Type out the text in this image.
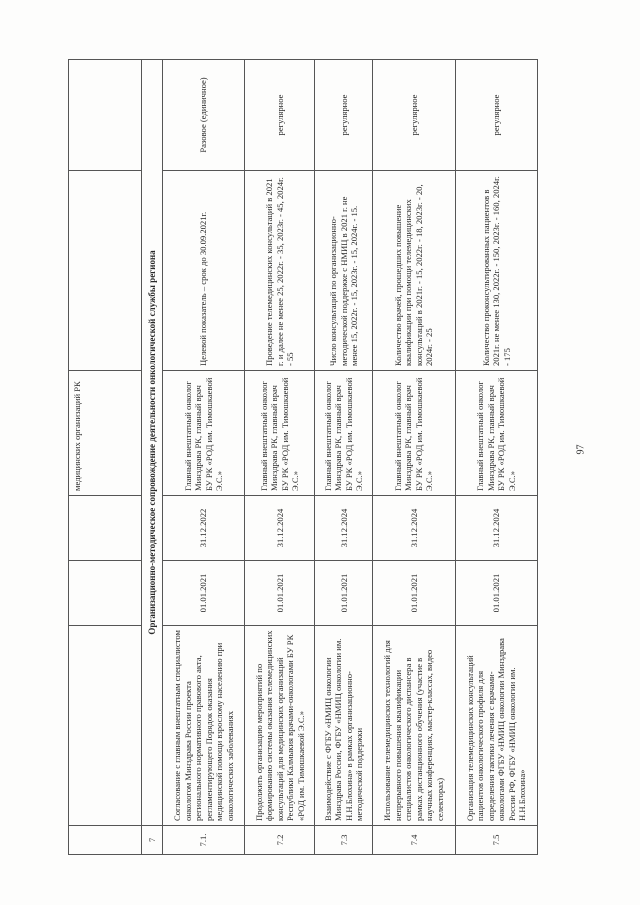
				медицинских организаций РК		
7	Организационно-методическое сопровождение деятельности онкологической службы региона					
7.1.	Согласование с главным внештатным специалистом онкологом Минздрава России проекта регионального нормативного правового акта, регламентирующего Порядок оказания медицинской помощи взрослому населению при онкологических заболеваниях	01.01.2021	31.12.2022	Главный внештатный онколог Минздрава РК, главный врач БУ РК «РОД им. Тимошкаевой Э.С.»	Целевой показатель – срок до 30.09.2021г.	Разовое (единичное)
7.2	Продолжить организацию мероприятий по формированию системы оказания телемедицинских консультаций для медицинских организаций Республики Калмыкия врачами-онкологами БУ РК «РОД им. Тимошкаевой Э.С.»	01.01.2021	31.12.2024	Главный внештатный онколог Минздрава РК, главный врач БУ РК «РОД им. Тимошкаевой Э.С.»	Проведение телемедицинских консультаций в 2021 г. и далее не менее 25, 2022г. - 35, 2023г. - 45, 2024г. - 55	регулярное
7.3	Взаимодействие с ФГБУ «НМИЦ онкологии Минздрава России, ФГБУ «НМИЦ онкологии им. Н.Н.Блохина» в рамках организационно-методической поддержки	01.01.2021	31.12.2024	Главный внештатный онколог Минздрава РК, главный врач БУ РК «РОД им. Тимошкаевой Э.С.»	Число консультаций по организационно-методической поддержке с НМИЦ в 2021 г. не менее 15, 2022г. - 15, 2023г. - 15, 2024г. - 15.	регулярное
7.4	Использование телемедицинских технологий для непрерывного повышения квалификации специалистов онкологического диспансера в рамках дистанционного обучения (участие в научных конференциях, мастер-классах, видео селекторах)	01.01.2021	31.12.2024	Главный внештатный онколог Минздрава РК, главный врач БУ РК «РОД им. Тимошкаевой Э.С.»	Количество врачей, прошедших повышение квалификации при помощи телемедицинских консультаций в 2021г. - 15, 2022г. - 18, 2023г. - 20, 2024г. - 25	регулярное
7.5	Организация телемедицинских консультаций пациентов онкологического профиля для определения тактики лечения с врачами-онкологами ФГБУ «НМИЦ онкологии Минздрава России РФ, ФГБУ «НМИЦ онкологии им. Н.Н.Блохина»	01.01.2021	31.12.2024	Главный внештатный онколог Минздрава РК, главный врач БУ РК «РОД им. Тимошкаевой Э.С.»	Количество проконсультированных пациентов в 2021г. не менее 130, 2022г. - 150, 2023г. - 160, 2024г. - 175	регулярное
97
